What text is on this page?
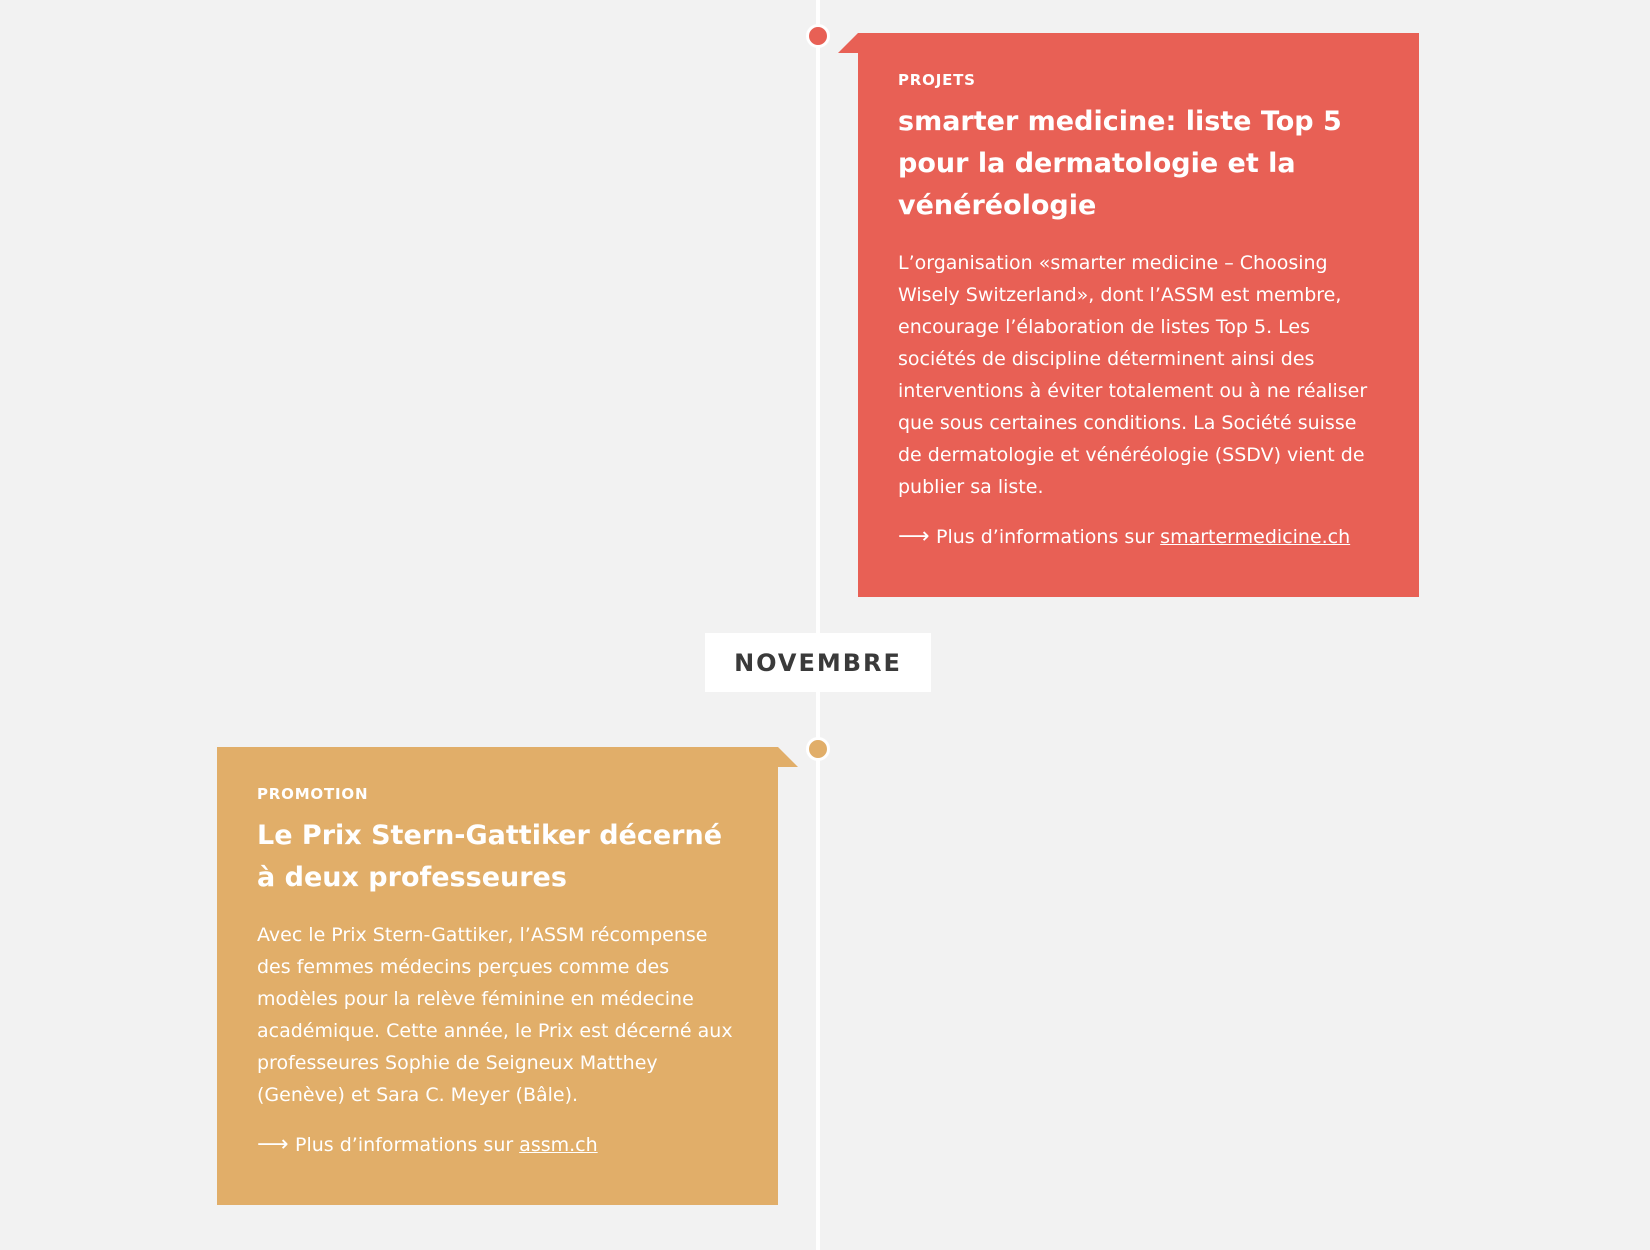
PROJETS
smarter medicine: liste Top 5 pour la dermatologie et la vénéréologie
L’organisation «smarter medicine – Choosing Wisely Switzerland», dont l’ASSM est membre, encourage l’élaboration de listes Top 5. Les sociétés de discipline déterminent ainsi des interventions à éviter totalement ou à ne réaliser que sous certaines conditions. La Société suisse de dermatologie et vénéréologie (SSDV) vient de publier sa liste.
⟶ Plus d’informations sur smartermedicine.ch
NOVEMBRE
PROMOTION
Le Prix Stern-Gattiker décerné à deux professeures
Avec le Prix Stern-Gattiker, l’ASSM récompense des femmes médecins perçues comme des modèles pour la relève féminine en médecine académique. Cette année, le Prix est décerné aux professeures Sophie de Seigneux Matthey (Genève) et Sara C. Meyer (Bâle).
⟶ Plus d’informations sur assm.ch
